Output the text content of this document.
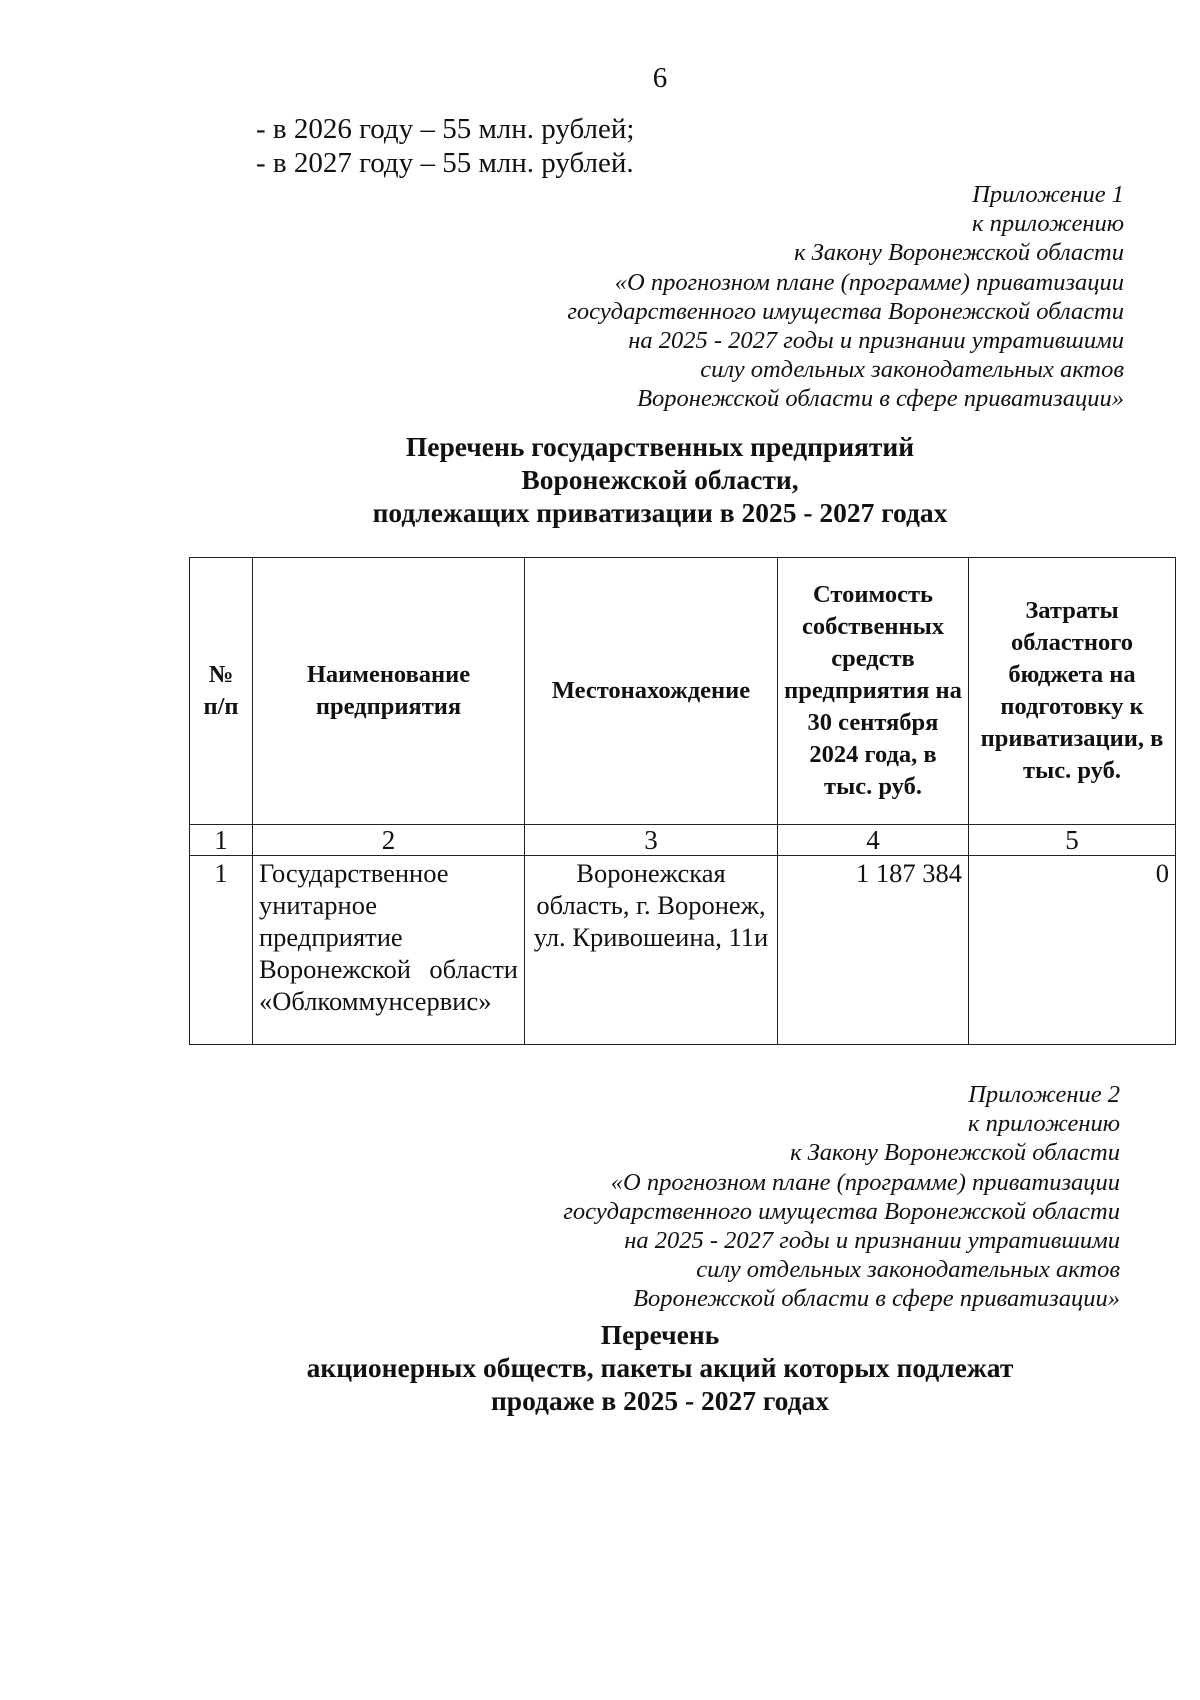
6
- в 2026 году – 55 млн. рублей;
- в 2027 году – 55 млн. рублей.
Приложение 1
к приложению
к Закону Воронежской области
«О прогнозном плане (программе) приватизации
государственного имущества Воронежской области
на 2025 - 2027 годы и признании утратившими
силу отдельных законодательных актов
Воронежской области в сфере приватизации»
Перечень государственных предприятий
Воронежской области,
подлежащих приватизации в 2025 - 2027 годах
№ п/п	Наименование предприятия	Местонахождение	Стоимость собственных средств предприятия на 30 сентября 2024 года, в тыс. руб.	Затраты областного бюджета на подготовку к приватизации, в тыс. руб.
1	2	3	4	5
1	Государственное унитарное предприятие Воронежской области «Облкоммунсервис»	Воронежская область, г. Воронеж, ул. Кривошеина, 11и	1 187 384	0
Приложение 2
к приложению
к Закону Воронежской области
«О прогнозном плане (программе) приватизации
государственного имущества Воронежской области
на 2025 - 2027 годы и признании утратившими
силу отдельных законодательных актов
Воронежской области в сфере приватизации»
Перечень
акционерных обществ, пакеты акций которых подлежат
продаже в 2025 - 2027 годах
